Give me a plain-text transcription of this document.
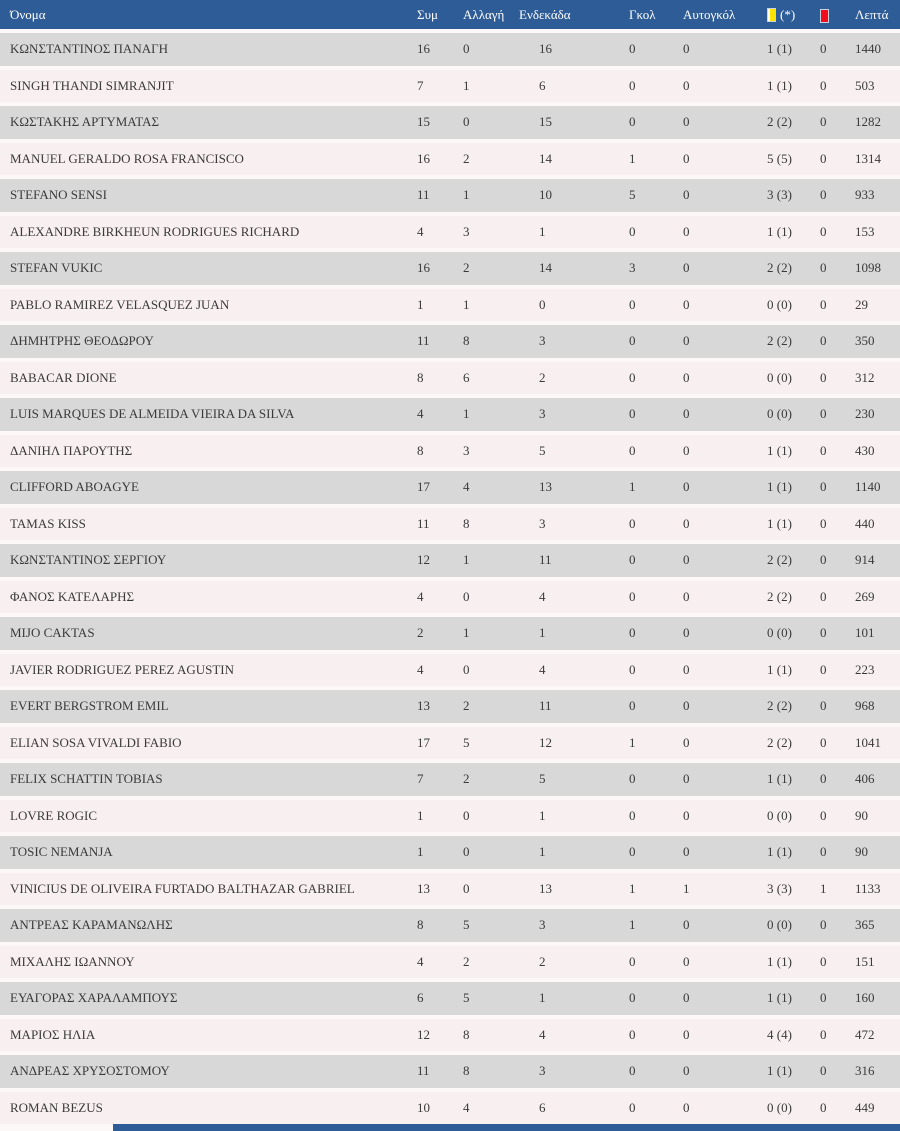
Όνομα	Συμ	Αλλαγή	Ενδεκάδα	Γκολ	Αυτογκόλ	(*)	Λεπτά
ΚΩΝΣΤΑΝΤΙΝΟΣ ΠΑΝΑΓΗ	16	0	16	0	0	1 (1)	0	1440
SINGH THANDI SIMRANJIT	7	1	6	0	0	1 (1)	0	503
ΚΩΣΤΑΚΗΣ ΑΡΤΥΜΑΤΑΣ	15	0	15	0	0	2 (2)	0	1282
MANUEL GERALDO ROSA FRANCISCO	16	2	14	1	0	5 (5)	0	1314
STEFANO SENSI	11	1	10	5	0	3 (3)	0	933
ALEXANDRE BIRKHEUN RODRIGUES RICHARD	4	3	1	0	0	1 (1)	0	153
STEFAN VUKIC	16	2	14	3	0	2 (2)	0	1098
PABLO RAMIREZ VELASQUEZ JUAN	1	1	0	0	0	0 (0)	0	29
ΔΗΜΗΤΡΗΣ ΘΕΟΔΩΡΟΥ	11	8	3	0	0	2 (2)	0	350
BABACAR DIONE	8	6	2	0	0	0 (0)	0	312
LUIS MARQUES DE ALMEIDA VIEIRA DA SILVA	4	1	3	0	0	0 (0)	0	230
ΔΑΝΙΗΛ ΠΑΡΟΥΤΗΣ	8	3	5	0	0	1 (1)	0	430
CLIFFORD ABOAGYE	17	4	13	1	0	1 (1)	0	1140
TAMAS KISS	11	8	3	0	0	1 (1)	0	440
ΚΩΝΣΤΑΝΤΙΝΟΣ ΣΕΡΓΙΟΥ	12	1	11	0	0	2 (2)	0	914
ΦΑΝΟΣ ΚΑΤΕΛΑΡΗΣ	4	0	4	0	0	2 (2)	0	269
MIJO CAKTAS	2	1	1	0	0	0 (0)	0	101
JAVIER RODRIGUEZ PEREZ AGUSTIN	4	0	4	0	0	1 (1)	0	223
EVERT BERGSTROM EMIL	13	2	11	0	0	2 (2)	0	968
ELIAN SOSA VIVALDI FABIO	17	5	12	1	0	2 (2)	0	1041
FELIX SCHATTIN TOBIAS	7	2	5	0	0	1 (1)	0	406
LOVRE ROGIC	1	0	1	0	0	0 (0)	0	90
TOSIC NEMANJA	1	0	1	0	0	1 (1)	0	90
VINICIUS DE OLIVEIRA FURTADO BALTHAZAR GABRIEL	13	0	13	1	1	3 (3)	1	1133
ΑΝΤΡΕΑΣ ΚΑΡΑΜΑΝΩΛΗΣ	8	5	3	1	0	0 (0)	0	365
ΜΙΧΑΛΗΣ ΙΩΑΝΝΟΥ	4	2	2	0	0	1 (1)	0	151
ΕΥΑΓΟΡΑΣ ΧΑΡΑΛΑΜΠΟΥΣ	6	5	1	0	0	1 (1)	0	160
ΜΑΡΙΟΣ ΗΛΙΑ	12	8	4	0	0	4 (4)	0	472
ΑΝΔΡΕΑΣ ΧΡΥΣΟΣΤΟΜΟΥ	11	8	3	0	0	1 (1)	0	316
ROMAN BEZUS	10	4	6	0	0	0 (0)	0	449
